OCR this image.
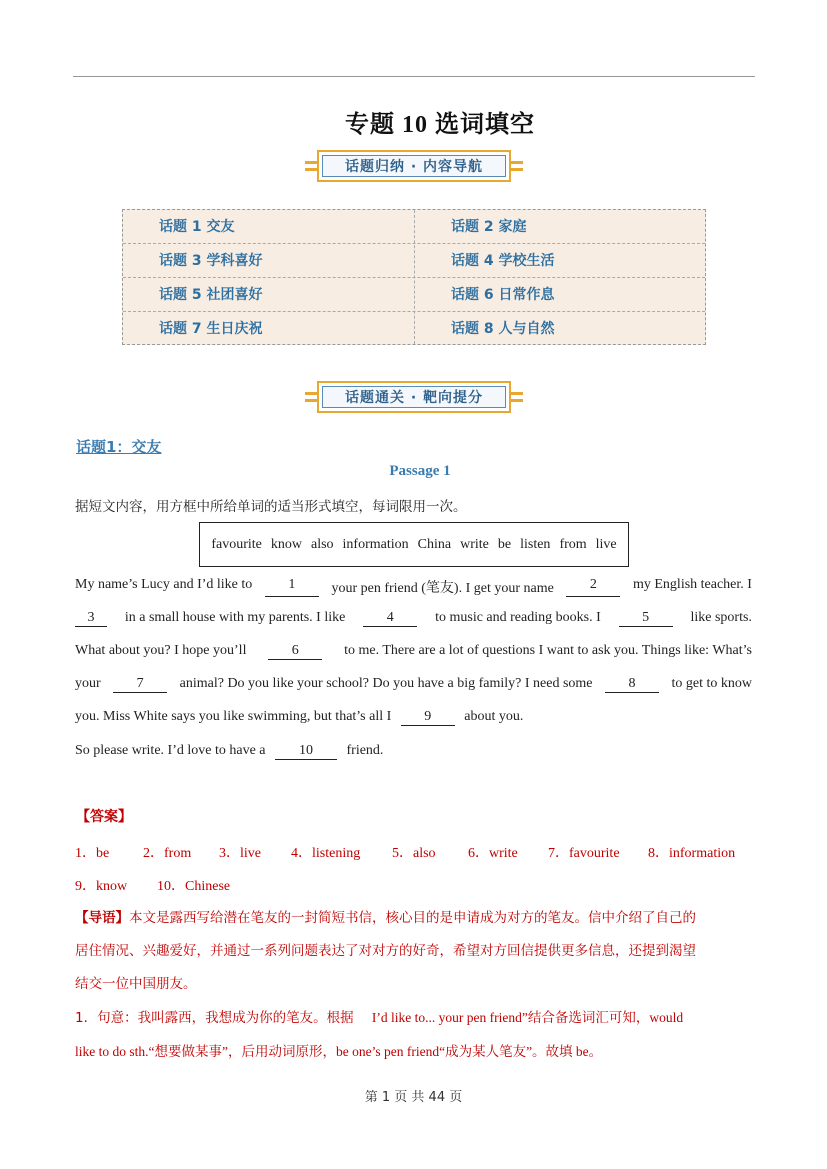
专题 10 选词填空
话题归纳 · 内容导航
话题 1 交友	话题 2 家庭
话题 3 学科喜好	话题 4 学校生活
话题 5 社团喜好	话题 6 日常作息
话题 7 生日庆祝	话题 8 人与自然
话题通关 · 靶向提分
话题1：交友
Passage 1
据短文内容，用方框中所给单词的适当形式填空，每词限用一次。
favourite know also information China write be listen from live
My name’s Lucy and I’d like to	1	your pen friend (笔友). I get your name	2	my English teacher. I
3	in a small house with my parents. I like	4	to music and reading books. I	5	like sports.
What about you? I hope you’ll	6	to me. There are a lot of questions I want to ask you. Things like: What’s
your	7	animal? Do you like your school? Do you have a big family? I need some	8	to get to know
you. Miss White says you like swimming, but that’s all I 9 about you.
So please write. I’d love to have a 10 friend.
【答案】
1．be 2．from 3．live 4．listening 5．also 6．write 7．favourite 8．information
9．know 10．Chinese
【导语】本文是露西写给潜在笔友的一封简短书信，核心目的是申请成为对方的笔友。信中介绍了自己的
居住情况、兴趣爱好，并通过一系列问题表达了对对方的好奇，希望对方回信提供更多信息，还提到渴望
结交一位中国朋友。
1．句意：我叫露西，我想成为你的笔友。根据 I’d like to... your pen friend”结合备选词汇可知，would
like to do sth.“想要做某事”，后用动词原形，be one’s pen friend“成为某人笔友”。故填 be。
第 1 页 共 44 页
